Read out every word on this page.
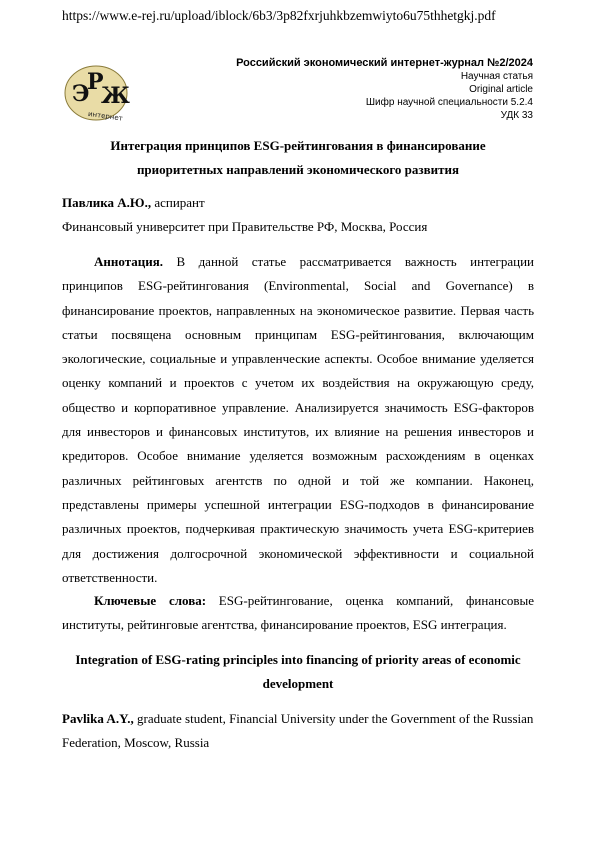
https://www.e-rej.ru/upload/iblock/6b3/3p82fxrjuhkbzemwiyto6u75thhetgkj.pdf
Э
Р
Ж
интернет
Российский экономический интернет-журнал №2/2024
Научная статья
Original article
Шифр научной специальности 5.2.4
УДК 33
Интеграция принципов ESG-рейтингования в финансирование
приоритетных направлений экономического развития
Павлика А.Ю., аспирант
Финансовый университет при Правительстве РФ, Москва, Россия
Аннотация. В данной статье рассматривается важность интеграции принципов ESG-рейтингования (Environmental, Social and Governance) в финансирование проектов, направленных на экономическое развитие. Первая часть статьи посвящена основным принципам ESG-рейтингования, включающим экологические, социальные и управленческие аспекты. Особое внимание уделяется оценку компаний и проектов с учетом их воздействия на окружающую среду, общество и корпоративное управление. Анализируется значимость ESG-факторов для инвесторов и финансовых институтов, их влияние на решения инвесторов и кредиторов. Особое внимание уделяется возможным расхождениям в оценках различных рейтинговых агентств по одной и той же компании. Наконец, представлены примеры успешной интеграции ESG-подходов в финансирование различных проектов, подчеркивая практическую значимость учета ESG-критериев для достижения долгосрочной экономической эффективности и социальной ответственности.
Ключевые слова: ESG-рейтингование, оценка компаний, финансовые институты, рейтинговые агентства, финансирование проектов, ESG интеграция.
Integration of ESG-rating principles into financing of priority areas of economic
development
Pavlika A.Y., graduate student, Financial University under the Government of the Russian Federation, Moscow, Russia
